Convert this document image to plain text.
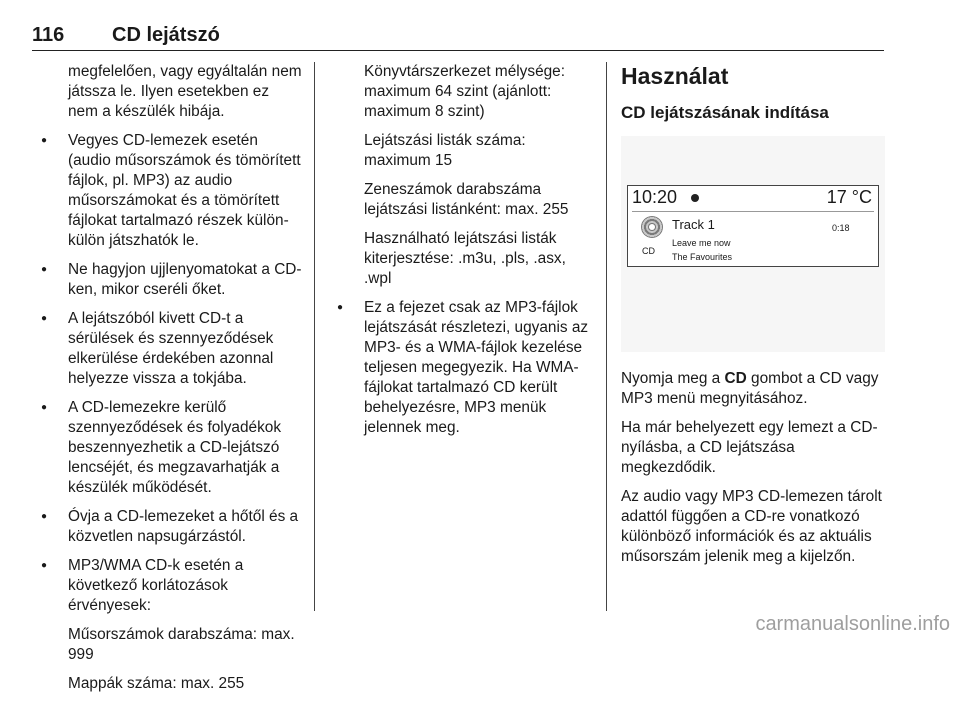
116 CD lejátszó

megfelelően, vagy egyáltalán nem játssza le. Ilyen esetekben ez nem a készülék hibája.

● Vegyes CD-lemezek esetén (audio műsorszámok és tömörített fájlok, pl. MP3) az audio műsorszámokat és a tömörített fájlokat tartalmazó részek külön-külön játszhatók le.
● Ne hagyjon ujjlenyomatokat a CD-ken, mikor cseréli őket.
● A lejátszóból kivett CD-t a sérülések és szennyeződések elkerülése érdekében azonnal helyezze vissza a tokjába.
● A CD-lemezekre kerülő szennyeződések és folyadékok beszennyezhetik a CD-lejátszó lencséjét, és megzavarhatják a készülék működését.
● Óvja a CD-lemezeket a hőtől és a közvetlen napsugárzástól.
● MP3/WMA CD-k esetén a következő korlátozások érvényesek:

Műsorszámok darabszáma: max. 999

Mappák száma: max. 255

Könyvtárszerkezet mélysége: maximum 64 szint (ajánlott: maximum 8 szint)

Lejátszási listák száma: maximum 15

Zeneszámok darabszáma lejátszási listánként: max. 255

Használható lejátszási listák kiterjesztése: .m3u, .pls, .asx, .wpl

● Ez a fejezet csak az MP3-fájlok lejátszását részletezi, ugyanis az MP3- és a WMA-fájlok kezelése teljesen megegyezik. Ha WMA-fájlokat tartalmazó CD került behelyezésre, MP3 menük jelennek meg.
Használat
CD lejátszásának indítása
10:20	17 °C
CD
Track 1	0:18
Leave me now
The Favourites

Nyomja meg a CD gombot a CD vagy MP3 menü megnyitásához.

Ha már behelyezett egy lemezt a CD-nyílásba, a CD lejátszása megkezdődik.

Az audio vagy MP3 CD-lemezen tárolt adattól függően a CD-re vonatkozó különböző információk és az aktuális műsorszám jelenik meg a kijelzőn.

carmanualsonline.info
